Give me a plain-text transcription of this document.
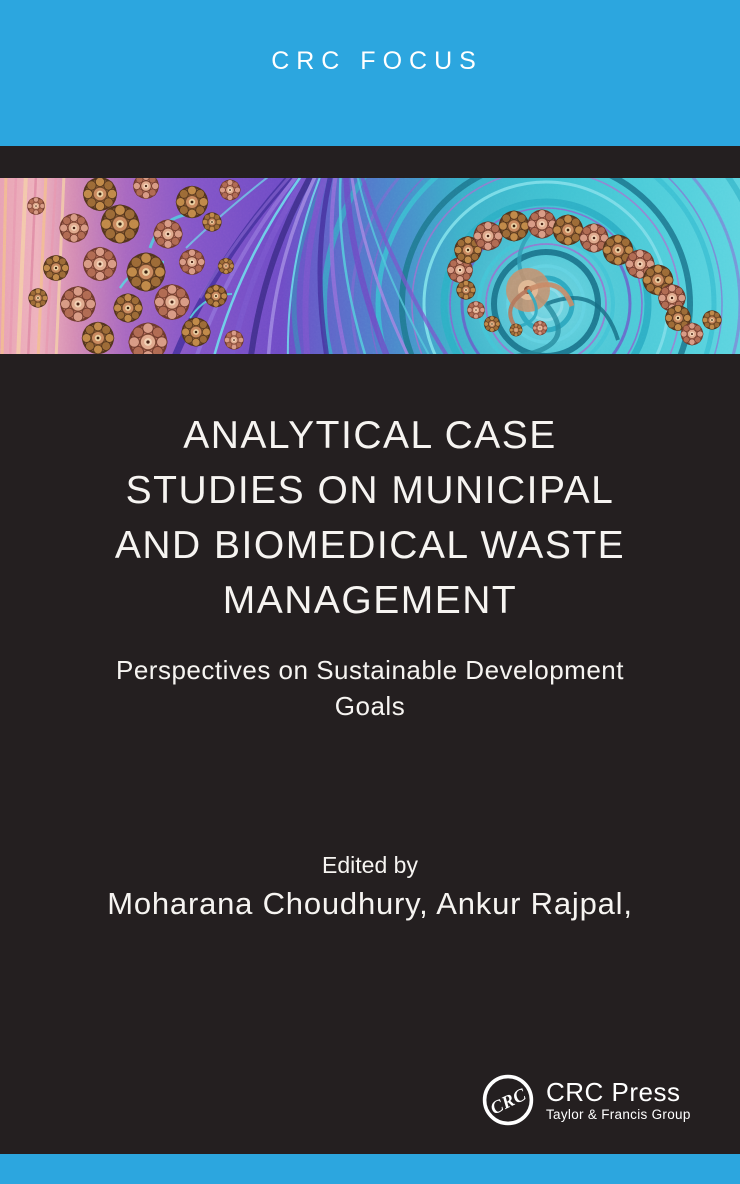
CRC FOCUS
ANALYTICAL CASE
STUDIES ON MUNICIPAL
AND BIOMEDICAL WASTE
MANAGEMENT
Perspectives on Sustainable Development
Goals
Edited by
Moharana Choudhury, Ankur Rajpal,
CRC CRC Press
Taylor & Francis Group
